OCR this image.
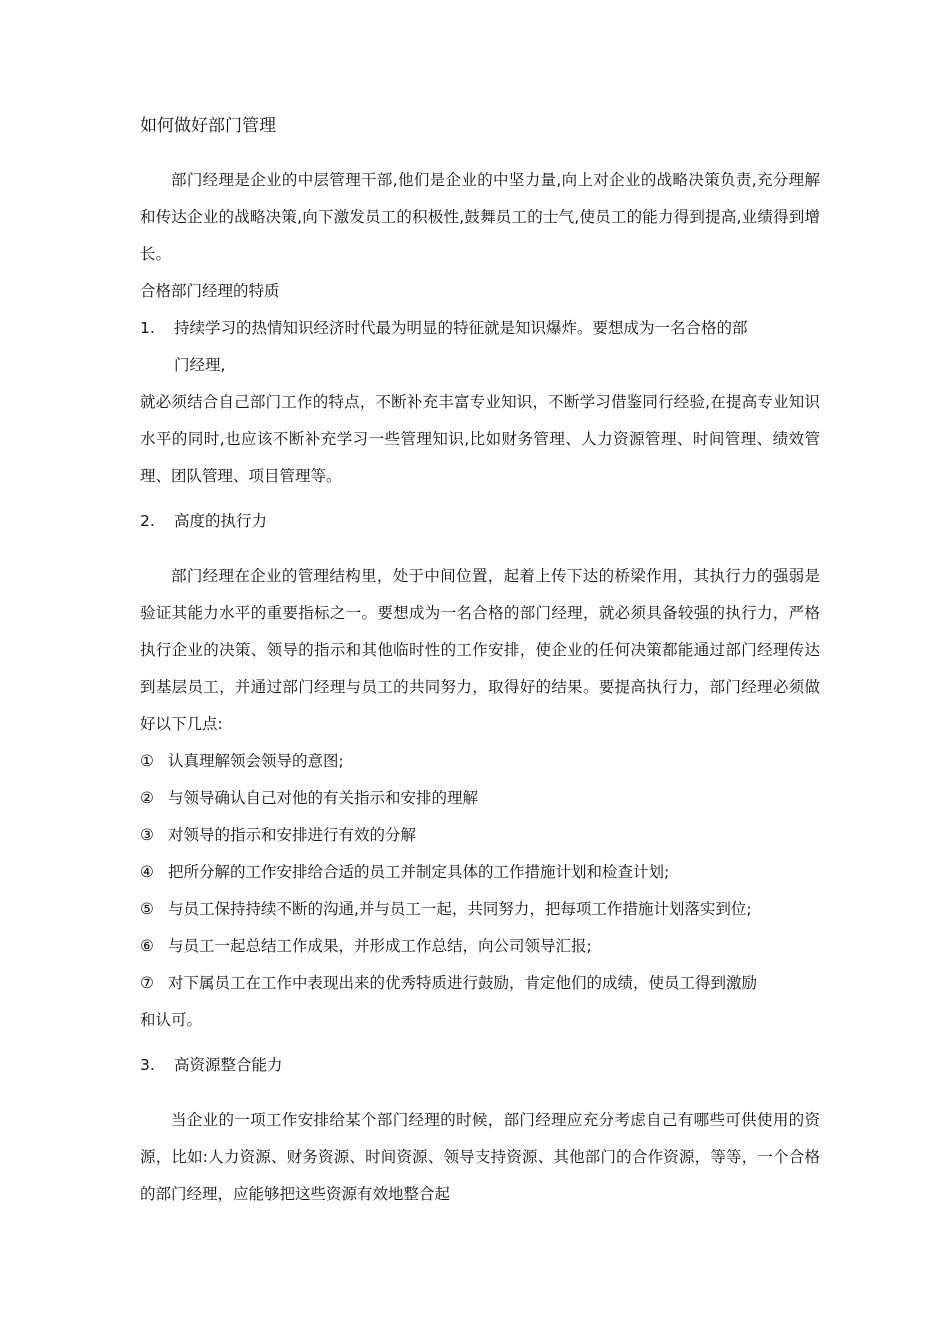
如何做好部门管理

部门经理是企业的中层管理干部,他们是企业的中坚力量,向上对企业的战略决策负责,充分理解和传达企业的战略决策,向下激发员工的积极性,鼓舞员工的士气,使员工的能力得到提高,业绩得到增长。

合格部门经理的特质

1.	持续学习的热情知识经济时代最为明显的特征就是知识爆炸。要想成为一名合格的部
门经理,

就必须结合自己部门工作的特点，不断补充丰富专业知识，不断学习借鉴同行经验,在提高专业知识水平的同时,也应该不断补充学习一些管理知识,比如财务管理、人力资源管理、时间管理、绩效管理、团队管理、项目管理等。

2.	高度的执行力

部门经理在企业的管理结构里，处于中间位置，起着上传下达的桥梁作用，其执行力的强弱是验证其能力水平的重要指标之一。要想成为一名合格的部门经理，就必须具备较强的执行力，严格执行企业的决策、领导的指示和其他临时性的工作安排，使企业的任何决策都能通过部门经理传达到基层员工，并通过部门经理与员工的共同努力，取得好的结果。要提高执行力，部门经理必须做好以下几点:

① 认真理解领会领导的意图;
② 与领导确认自己对他的有关指示和安排的理解
③ 对领导的指示和安排进行有效的分解
④ 把所分解的工作安排给合适的员工并制定具体的工作措施计划和检查计划;
⑤ 与员工保持持续不断的沟通,并与员工一起，共同努力，把每项工作措施计划落实到位;
⑥ 与员工一起总结工作成果，并形成工作总结，向公司领导汇报;
⑦ 对下属员工在工作中表现出来的优秀特质进行鼓励，肯定他们的成绩，使员工得到激励

和认可。

3.	高资源整合能力

当企业的一项工作安排给某个部门经理的时候，部门经理应充分考虑自己有哪些可供使用的资源，比如:人力资源、财务资源、时间资源、领导支持资源、其他部门的合作资源，等等，一个合格的部门经理，应能够把这些资源有效地整合起
